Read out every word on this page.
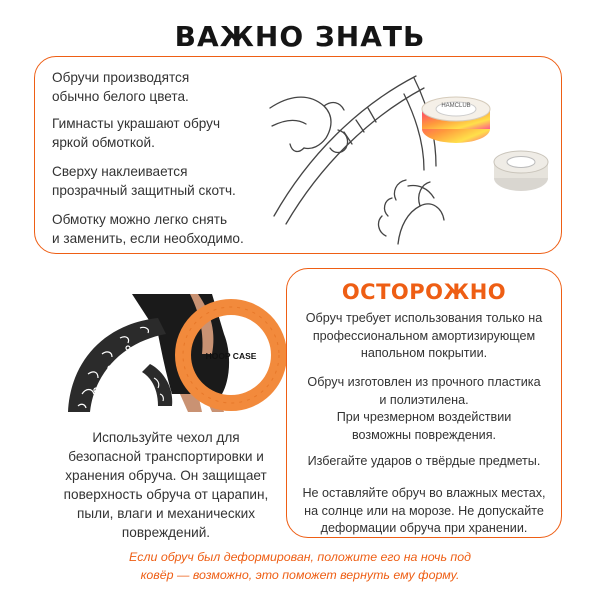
ВАЖНО ЗНАТЬ

Обручи производятся
обычно белого цвета.

Гимнасты украшают обруч
яркой обмоткой.

Сверху наклеивается
прозрачный защитный скотч.

Обмотку можно легко снять
и заменить, если необходимо.

HAMCLUB
HOOP CASE
Используйте чехол для
безопасной транспортировки и
хранения обруча. Он защищает
поверхность обруча от царапин,
пыли, влаги и механических
повреждений.
ОСТОРОЖНО

Обруч требует использования только на
профессиональном амортизирующем
напольном покрытии.

Обруч изготовлен из прочного пластика
и полиэтилена.
При чрезмерном воздействии
возможны повреждения.

Избегайте ударов о твёрдые предметы.

Не оставляйте обруч во влажных местах,
на солнце или на морозе. Не допускайте
деформации обруча при хранении.

Если обруч был деформирован, положите его на ночь под
ковёр — возможно, это поможет вернуть ему форму.
